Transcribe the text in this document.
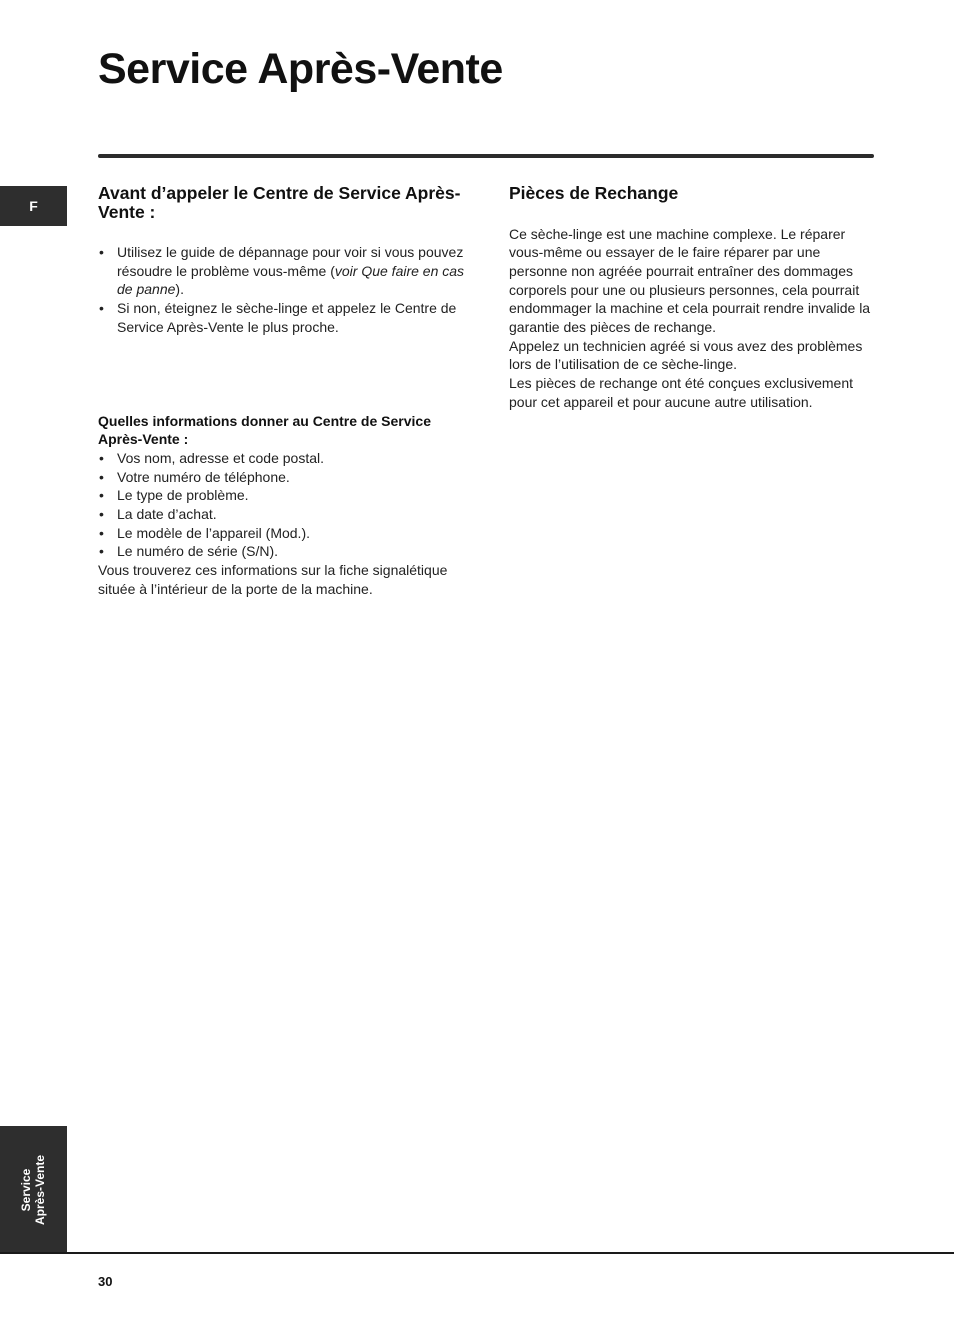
Service Après-Vente
F
Avant d’appeler le Centre de Service Après-Vente :
• Utilisez le guide de dépannage pour voir si vous pouvez résoudre le problème vous-même (voir Que faire en cas de panne).
• Si non, éteignez le sèche-linge et appelez le Centre de Service Après-Vente le plus proche.
Quelles informations donner au Centre de Service Après-Vente :
• Vos nom, adresse et code postal.
• Votre numéro de téléphone.
• Le type de problème.
• La date d’achat.
• Le modèle de l’appareil (Mod.).
• Le numéro de série (S/N).

Vous trouverez ces informations sur la fiche signalétique située à l’intérieur de la porte de la machine.

Pièces de Rechange

Ce sèche-linge est une machine complexe. Le réparer vous-même ou essayer de le faire réparer par une personne non agréée pourrait entraîner des dommages corporels pour une ou plusieurs personnes, cela pourrait endommager la machine et cela pourrait rendre invalide la garantie des pièces de rechange.

Appelez un technicien agréé si vous avez des problèmes lors de l’utilisation de ce sèche-linge.

Les pièces de rechange ont été conçues exclusivement pour cet appareil et pour aucune autre utilisation.

Service Après-Vente
30
